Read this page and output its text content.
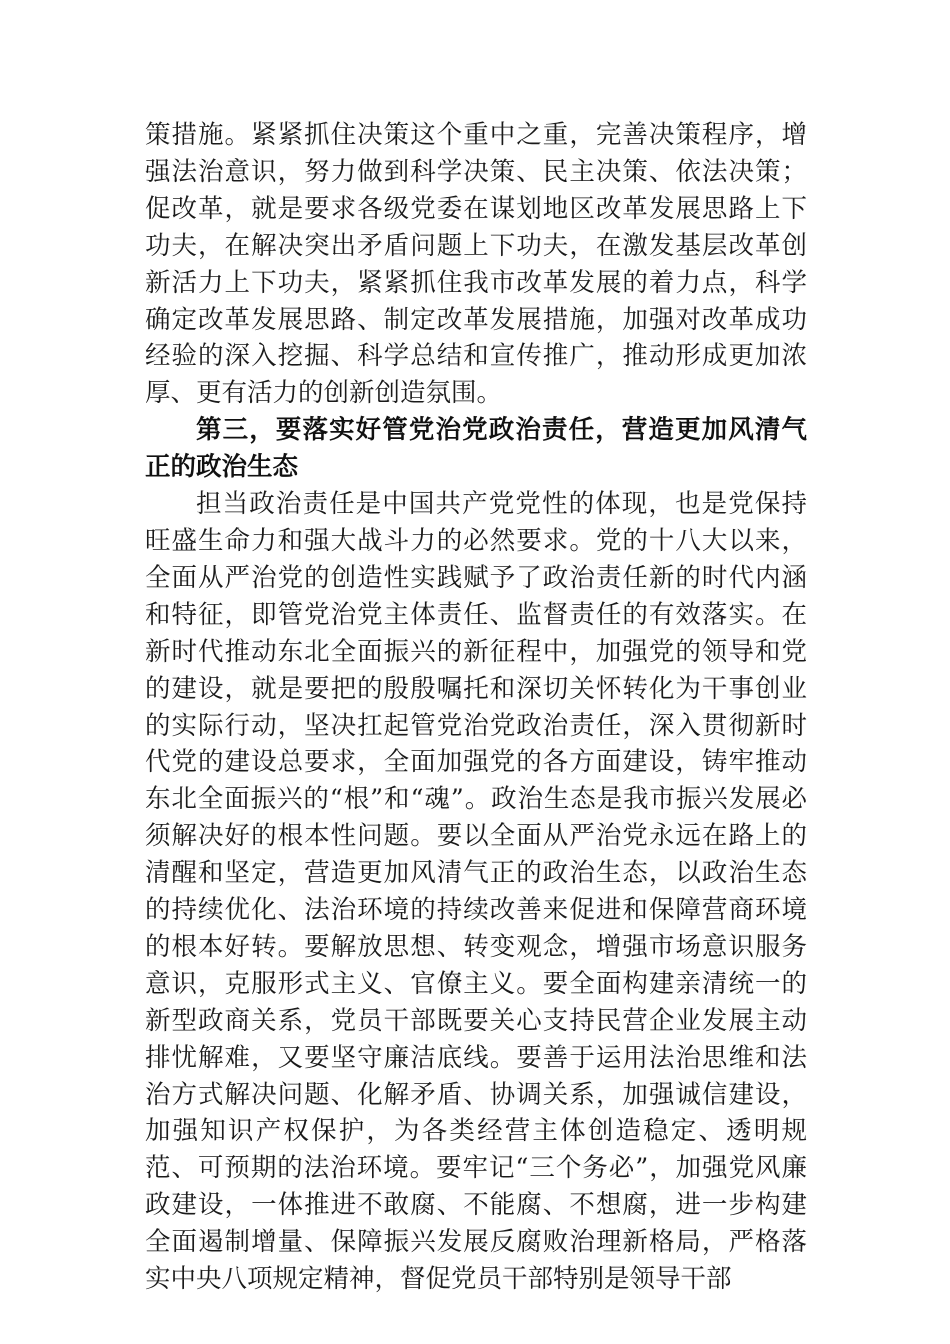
策措施。紧紧抓住决策这个重中之重，完善决策程序，增强法治意识，努力做到科学决策、民主决策、依法决策；促改革，就是要求各级党委在谋划地区改革发展思路上下功夫，在解决突出矛盾问题上下功夫，在激发基层改革创新活力上下功夫，紧紧抓住我市改革发展的着力点，科学确定改革发展思路、制定改革发展措施，加强对改革成功经验的深入挖掘、科学总结和宣传推广，推动形成更加浓厚、更有活力的创新创造氛围。

第三，要落实好管党治党政治责任，营造更加风清气正的政治生态

担当政治责任是中国共产党党性的体现，也是党保持旺盛生命力和强大战斗力的必然要求。党的十八大以来，全面从严治党的创造性实践赋予了政治责任新的时代内涵和特征，即管党治党主体责任、监督责任的有效落实。在新时代推动东北全面振兴的新征程中，加强党的领导和党的建设，就是要把的殷殷嘱托和深切关怀转化为干事创业的实际行动，坚决扛起管党治党政治责任，深入贯彻新时代党的建设总要求，全面加强党的各方面建设，铸牢推动东北全面振兴的“根”和“魂”。政治生态是我市振兴发展必须解决好的根本性问题。要以全面从严治党永远在路上的清醒和坚定，营造更加风清气正的政治生态，以政治生态的持续优化、法治环境的持续改善来促进和保障营商环境的根本好转。要解放思想、转变观念，增强市场意识服务意识，克服形式主义、官僚主义。要全面构建亲清统一的新型政商关系，党员干部既要关心支持民营企业发展主动排忧解难，又要坚守廉洁底线。要善于运用法治思维和法治方式解决问题、化解矛盾、协调关系，加强诚信建设，加强知识产权保护，为各类经营主体创造稳定、透明规范、可预期的法治环境。要牢记“三个务必”，加强党风廉政建设，一体推进不敢腐、不能腐、不想腐，进一步构建全面遏制增量、保障振兴发展反腐败治理新格局，严格落实中央八项规定精神，督促党员干部特别是领导干部
